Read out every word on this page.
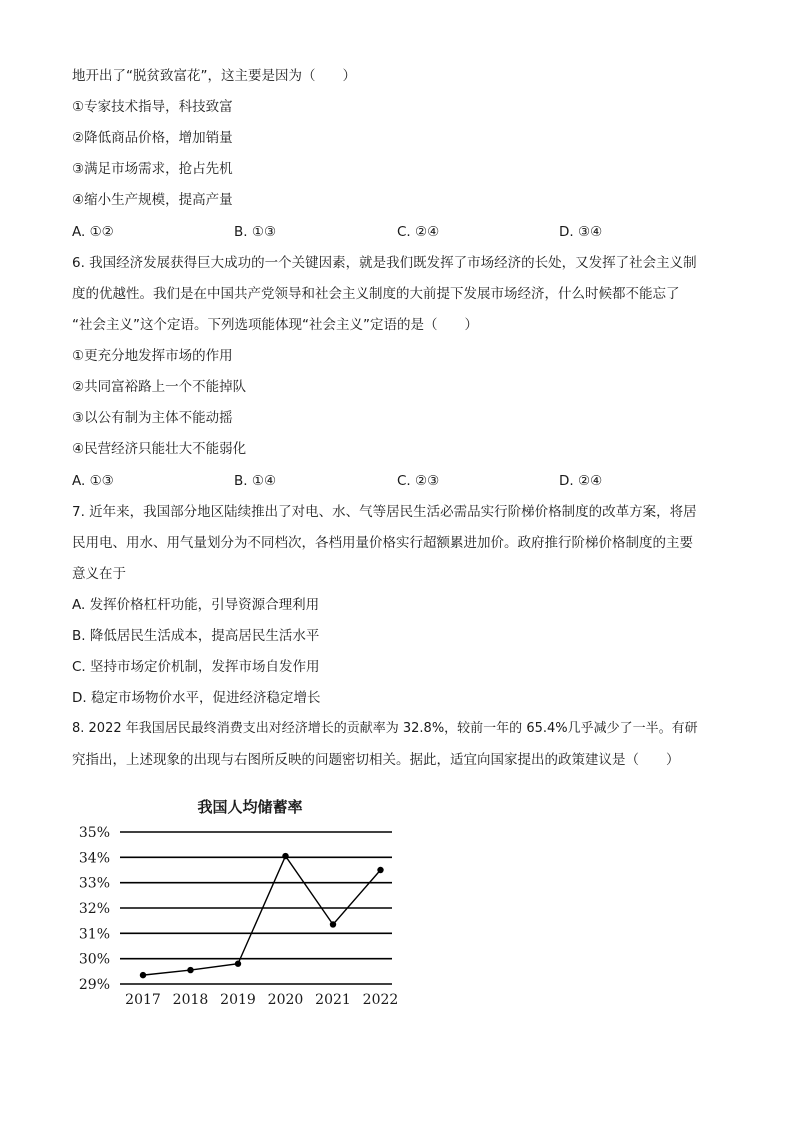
地开出了“脱贫致富花”，这主要是因为（　　）
①专家技术指导，科技致富
②降低商品价格，增加销量
③满足市场需求，抢占先机
④缩小生产规模，提高产量
A. ①②	B. ①③	C. ②④	D. ③④
6. 我国经济发展获得巨大成功的一个关键因素，就是我们既发挥了市场经济的长处，又发挥了社会主义制
度的优越性。我们是在中国共产党领导和社会主义制度的大前提下发展市场经济，什么时候都不能忘了
“社会主义”这个定语。下列选项能体现“社会主义”定语的是（　　）
①更充分地发挥市场的作用
②共同富裕路上一个不能掉队
③以公有制为主体不能动摇
④民营经济只能壮大不能弱化
A. ①③	B. ①④	C. ②③	D. ②④
7. 近年来，我国部分地区陆续推出了对电、水、气等居民生活必需品实行阶梯价格制度的改革方案，将居
民用电、用水、用气量划分为不同档次，各档用量价格实行超额累进加价。政府推行阶梯价格制度的主要
意义在于
A. 发挥价格杠杆功能，引导资源合理利用
B. 降低居民生活成本，提高居民生活水平
C. 坚持市场定价机制，发挥市场自发作用
D. 稳定市场物价水平，促进经济稳定增长
8. 2022 年我国居民最终消费支出对经济增长的贡献率为 32.8%，较前一年的 65.4%几乎减少了一半。有研
究指出，上述现象的出现与右图所反映的问题密切相关。据此，适宜向国家提出的政策建议是（　　）
我国人均储蓄率
29%
30%
31%
32%
33%
34%
35%
2017 2018 2019 2020 2021 2022
